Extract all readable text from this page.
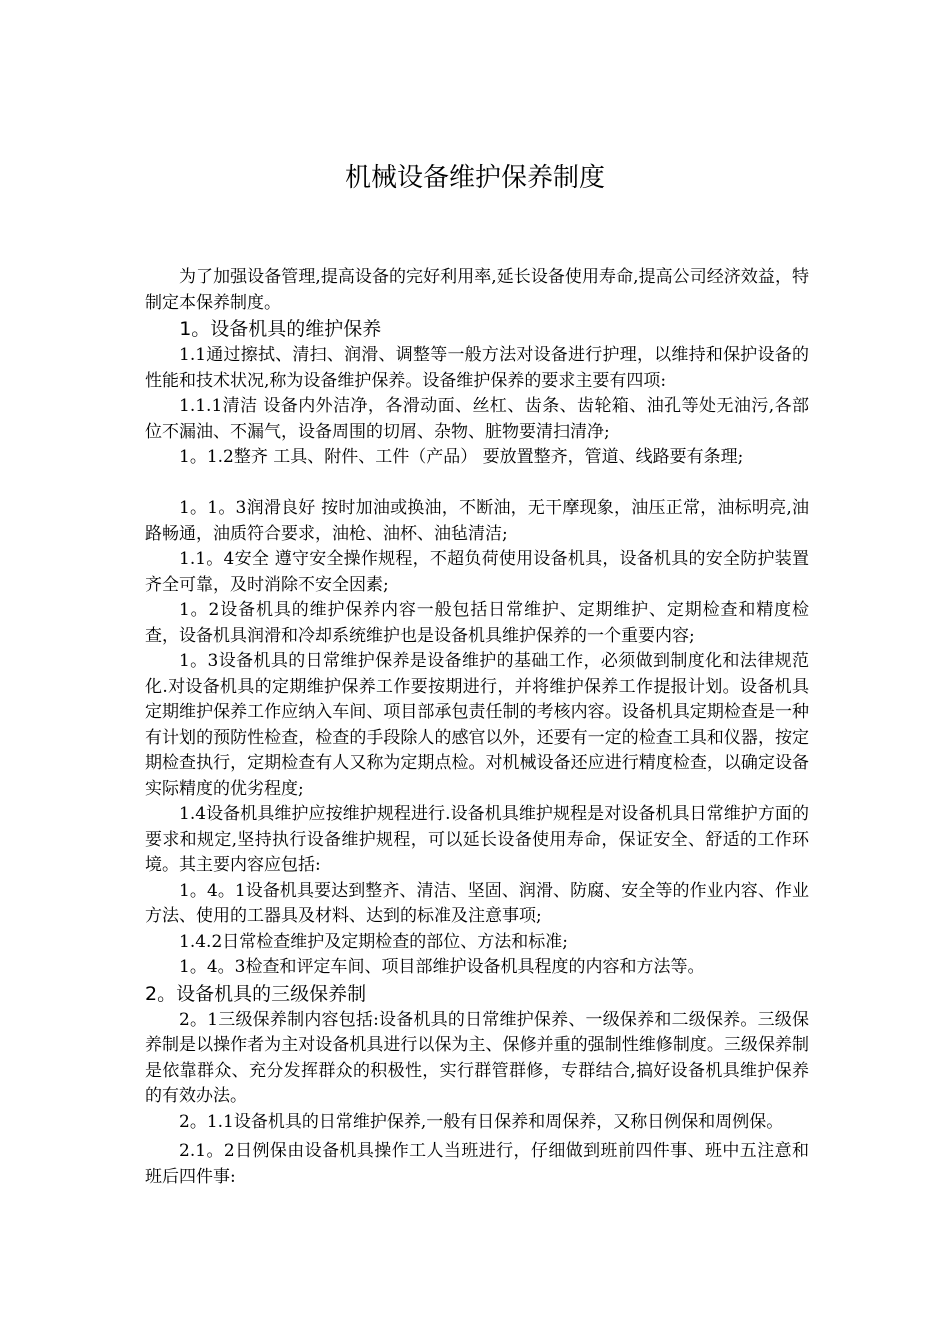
机械设备维护保养制度

为了加强设备管理,提高设备的完好利用率,延长设备使用寿命,提高公司经济效益，特制定本保养制度。

1。设备机具的维护保养

1.1通过擦拭、清扫、润滑、调整等一般方法对设备进行护理，以维持和保护设备的性能和技术状况,称为设备维护保养。设备维护保养的要求主要有四项:

1.1.1清洁 设备内外洁净，各滑动面、丝杠、齿条、齿轮箱、油孔等处无油污,各部位不漏油、不漏气，设备周围的切屑、杂物、脏物要清扫清净;

1。1.2整齐 工具、附件、工件（产品） 要放置整齐，管道、线路要有条理;

1。1。3润滑良好 按时加油或换油，不断油，无干摩现象，油压正常，油标明亮,油路畅通，油质符合要求，油枪、油杯、油毡清洁;

1.1。4安全 遵守安全操作规程，不超负荷使用设备机具，设备机具的安全防护装置齐全可靠，及时消除不安全因素;

1。2设备机具的维护保养内容一般包括日常维护、定期维护、定期检查和精度检查，设备机具润滑和冷却系统维护也是设备机具维护保养的一个重要内容;

1。3设备机具的日常维护保养是设备维护的基础工作，必须做到制度化和法律规范化.对设备机具的定期维护保养工作要按期进行，并将维护保养工作提报计划。设备机具定期维护保养工作应纳入车间、项目部承包责任制的考核内容。设备机具定期检查是一种有计划的预防性检查，检查的手段除人的感官以外，还要有一定的检查工具和仪器，按定期检查执行，定期检查有人又称为定期点检。对机械设备还应进行精度检查，以确定设备实际精度的优劣程度;

1.4设备机具维护应按维护规程进行.设备机具维护规程是对设备机具日常维护方面的要求和规定,坚持执行设备维护规程，可以延长设备使用寿命，保证安全、舒适的工作环境。其主要内容应包括:

1。4。1设备机具要达到整齐、清洁、坚固、润滑、防腐、安全等的作业内容、作业方法、使用的工器具及材料、达到的标准及注意事项;

1.4.2日常检查维护及定期检查的部位、方法和标准;

1。4。3检查和评定车间、项目部维护设备机具程度的内容和方法等。

2。设备机具的三级保养制

2。1三级保养制内容包括:设备机具的日常维护保养、一级保养和二级保养。三级保养制是以操作者为主对设备机具进行以保为主、保修并重的强制性维修制度。三级保养制是依靠群众、充分发挥群众的积极性，实行群管群修，专群结合,搞好设备机具维护保养的有效办法。

2。1.1设备机具的日常维护保养,一般有日保养和周保养，又称日例保和周例保。

2.1。2日例保由设备机具操作工人当班进行，仔细做到班前四件事、班中五注意和班后四件事:
